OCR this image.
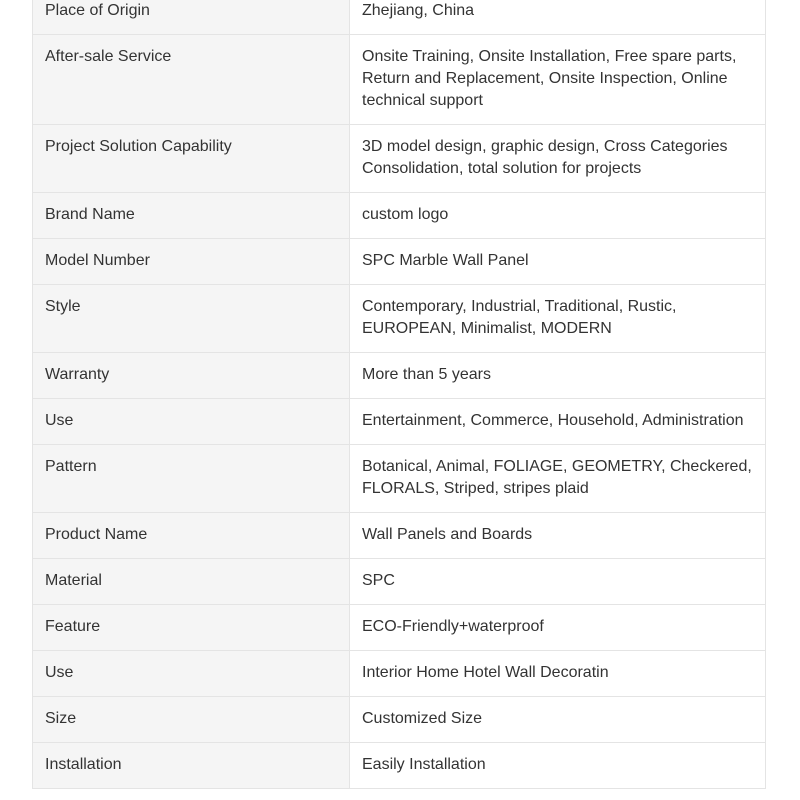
Place of Origin	Zhejiang, China
After-sale Service	Onsite Training, Onsite Installation, Free spare parts, Return and Replacement, Onsite Inspection, Online technical support
Project Solution Capability	3D model design, graphic design, Cross Categories Consolidation, total solution for projects
Brand Name	custom logo
Model Number	SPC Marble Wall Panel
Style	Contemporary, Industrial, Traditional, Rustic, EUROPEAN, Minimalist, MODERN
Warranty	More than 5 years
Use	Entertainment, Commerce, Household, Administration
Pattern	Botanical, Animal, FOLIAGE, GEOMETRY, Checkered, FLORALS, Striped, stripes plaid
Product Name	Wall Panels and Boards
Material	SPC
Feature	ECO-Friendly+waterproof
Use	Interior Home Hotel Wall Decoratin
Size	Customized Size
Installation	Easily Installation
